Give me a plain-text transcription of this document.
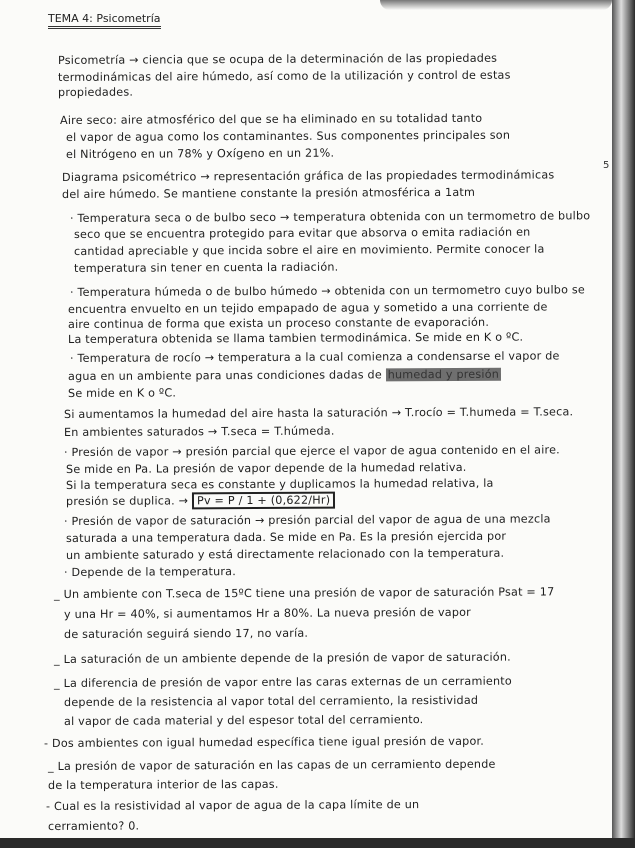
TEMA 4: Psicometría
5
Psicometría → ciencia que se ocupa de la determinación de las propiedades
termodinámicas del aire húmedo, así como de la utilización y control de estas
propiedades.
Aire seco: aire atmosférico del que se ha eliminado en su totalidad tanto
el vapor de agua como los contaminantes. Sus componentes principales son
el Nitrógeno en un 78% y Oxígeno en un 21%.
Diagrama psicométrico → representación gráfica de las propiedades termodinámicas
del aire húmedo. Se mantiene constante la presión atmosférica a 1atm
· Temperatura seca o de bulbo seco → temperatura obtenida con un termometro de bulbo
seco que se encuentra protegido para evitar que absorva o emita radiación en
cantidad apreciable y que incida sobre el aire en movimiento. Permite conocer la
temperatura sin tener en cuenta la radiación.
· Temperatura húmeda o de bulbo húmedo → obtenida con un termometro cuyo bulbo se
encuentra envuelto en un tejido empapado de agua y sometido a una corriente de
aire continua de forma que exista un proceso constante de evaporación.
La temperatura obtenida se llama tambien termodinámica. Se mide en K o ºC.
· Temperatura de rocío → temperatura a la cual comienza a condensarse el vapor de
agua en un ambiente para unas condiciones dadas de humedad y presión
Se mide en K o ºC.
Si aumentamos la humedad del aire hasta la saturación → T.rocío = T.humeda = T.seca.
En ambientes saturados → T.seca = T.húmeda.
· Presión de vapor → presión parcial que ejerce el vapor de agua contenido en el aire.
Se mide en Pa. La presión de vapor depende de la humedad relativa.
Si la temperatura seca es constante y duplicamos la humedad relativa, la
presión se duplica. → Pv = P / 1 + (0,622/Hr)
· Presión de vapor de saturación → presión parcial del vapor de agua de una mezcla
saturada a una temperatura dada. Se mide en Pa. Es la presión ejercida por
un ambiente saturado y está directamente relacionado con la temperatura.
· Depende de la temperatura.
_ Un ambiente con T.seca de 15ºC tiene una presión de vapor de saturación Psat = 17
y una Hr = 40%, si aumentamos Hr a 80%. La nueva presión de vapor
de saturación seguirá siendo 17, no varía.
_ La saturación de un ambiente depende de la presión de vapor de saturación.
_ La diferencia de presión de vapor entre las caras externas de un cerramiento
depende de la resistencia al vapor total del cerramiento, la resistividad
al vapor de cada material y del espesor total del cerramiento.
- Dos ambientes con igual humedad específica tiene igual presión de vapor.
_ La presión de vapor de saturación en las capas de un cerramiento depende
de la temperatura interior de las capas.
- Cual es la resistividad al vapor de agua de la capa límite de un
cerramiento? 0.
